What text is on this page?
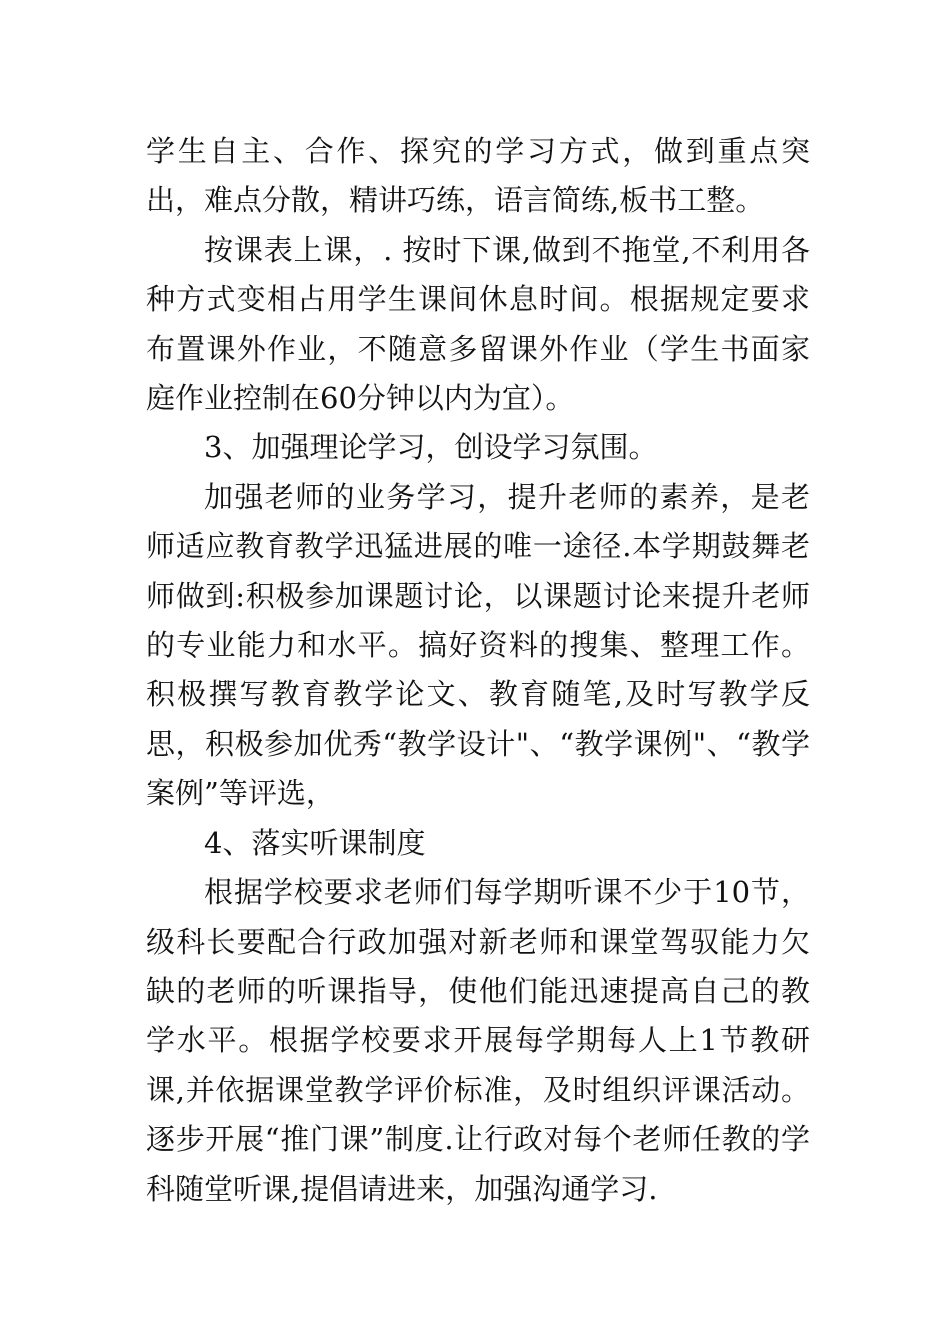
学生自主、合作、探究的学习方式，做到重点突出，难点分散，精讲巧练，语言简练,板书工整。

按课表上课，. 按时下课,做到不拖堂,不利用各种方式变相占用学生课间休息时间。根据规定要求布置课外作业，不随意多留课外作业（学生书面家庭作业控制在60分钟以内为宜）。

3、加强理论学习，创设学习氛围。

加强老师的业务学习，提升老师的素养，是老师适应教育教学迅猛进展的唯一途径.本学期鼓舞老师做到:积极参加课题讨论，以课题讨论来提升老师的专业能力和水平。搞好资料的搜集、整理工作。积极撰写教育教学论文、教育随笔,及时写教学反思，积极参加优秀“教学设计"、“教学课例"、“教学案例”等评选，

4、落实听课制度

根据学校要求老师们每学期听课不少于10节，级科长要配合行政加强对新老师和课堂驾驭能力欠缺的老师的听课指导，使他们能迅速提高自己的教学水平。根据学校要求开展每学期每人上1节教研课,并依据课堂教学评价标准，及时组织评课活动。逐步开展“推门课”制度.让行政对每个老师任教的学科随堂听课,提倡请进来，加强沟通学习.
